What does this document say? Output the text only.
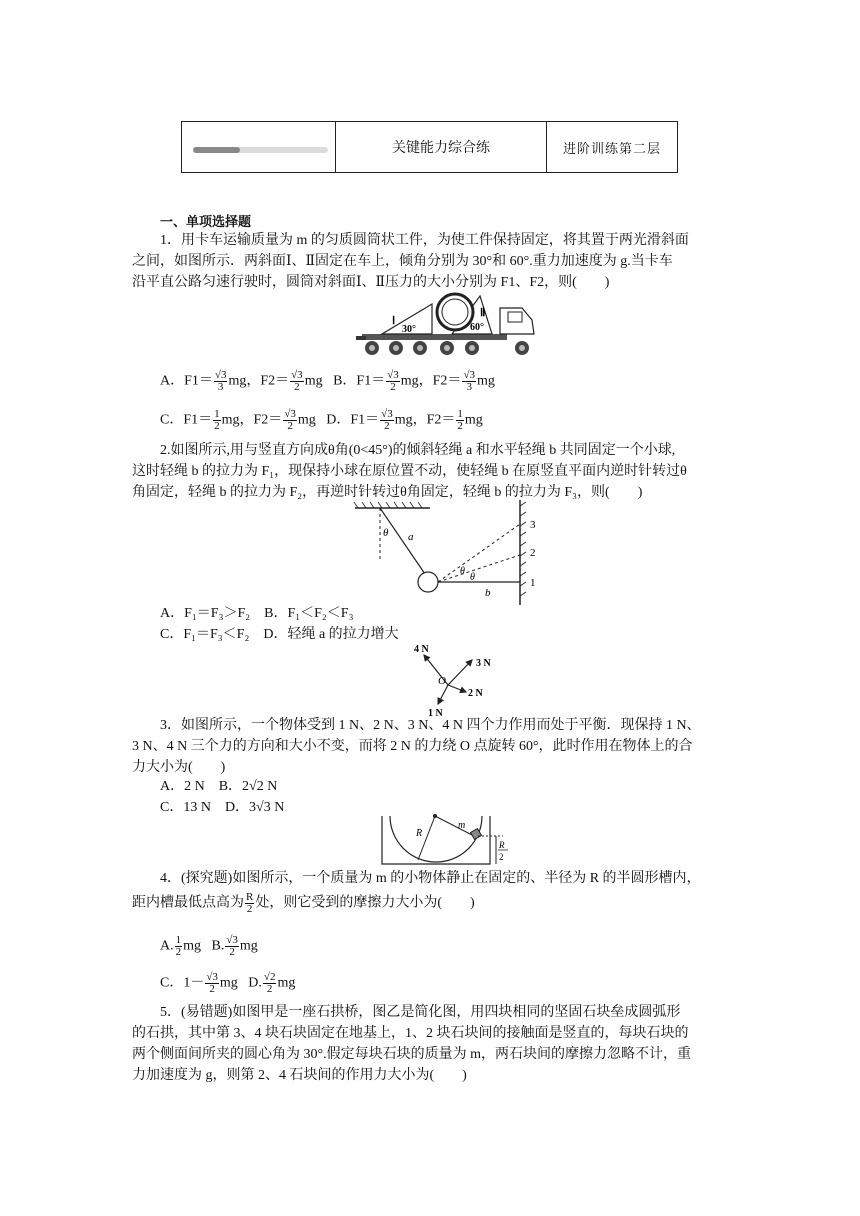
关键能力综合练	进阶训练第二层
一、单项选择题
1．用卡车运输质量为 m 的匀质圆筒状工件，为使工件保持固定，将其置于两光滑斜面
之间，如图所示．两斜面Ⅰ、Ⅱ固定在车上，倾角分别为 30°和 60°.重力加速度为 g.当卡车
沿平直公路匀速行驶时，圆筒对斜面Ⅰ、Ⅱ压力的大小分别为 F1、F2，则(　　)
Ⅰ
Ⅱ
30°	60°
A．$F1= \frac{√3}{3}$ mg，$F2= \frac{√3}{2}$ mg B．$F1= \frac{√3}{2}$ mg，$F2= \frac{√3}{3}$ mg
C．$F1= \frac{1}{2}$ mg，$F2= \frac{√3}{2}$ mg D．$F1= \frac{√3}{2}$ mg，$F2= \frac{1}{2}$ mg
2.如图所示,用与竖直方向成θ角(0<45°)的倾斜轻绳 a 和水平轻绳 b 共同固定一个小球,
这时轻绳 b 的拉力为 F₁，现保持小球在原位置不动，使轻绳 b 在原竖直平面内逆时针转过θ
角固定，轻绳 b 的拉力为 F₂，再逆时针转过θ角固定，轻绳 b 的拉力为 F₃，则(　　)
θ a
θ
θ
b
1
2
3
A．F₁＝F₃＞F₂　B．F₁＜F₂＜F₃
C．F₁＝F₃＜F₂　D．轻绳 a 的拉力增大
4 N
3 N
2 N
1 N
O
3．如图所示，一个物体受到 1 N、2 N、3 N、4 N 四个力作用而处于平衡．现保持 1 N、
3 N、4 N 三个力的方向和大小不变，而将 2 N 的力绕 O 点旋转 60°，此时作用在物体上的合
力大小为(　　)
A．2 N　B．2√2 N
C．13 N　D．3√3 N
R
m
R
2
4．(探究题)如图所示，一个质量为 m 的小物体静止在固定的、半径为 R 的半圆形槽内，
距内槽最低点高为 $\frac{R}{2}$ 处，则它受到的摩擦力大小为(　　)
A. $\frac{1}{2}$ mg B. $\frac{√3}{2}$ mg
C．$1- \frac{√3}{2}$ mg D. $\frac{√2}{2}$ mg
5．(易错题)如图甲是一座石拱桥，图乙是简化图，用四块相同的坚固石块垒成圆弧形
的石拱，其中第 3、4 块石块固定在地基上，1、2 块石块间的接触面是竖直的，每块石块的
两个侧面间所夹的圆心角为 30°.假定每块石块的质量为 m，两石块间的摩擦力忽略不计，重
力加速度为 g，则第 2、4 石块间的作用力大小为(　　)
